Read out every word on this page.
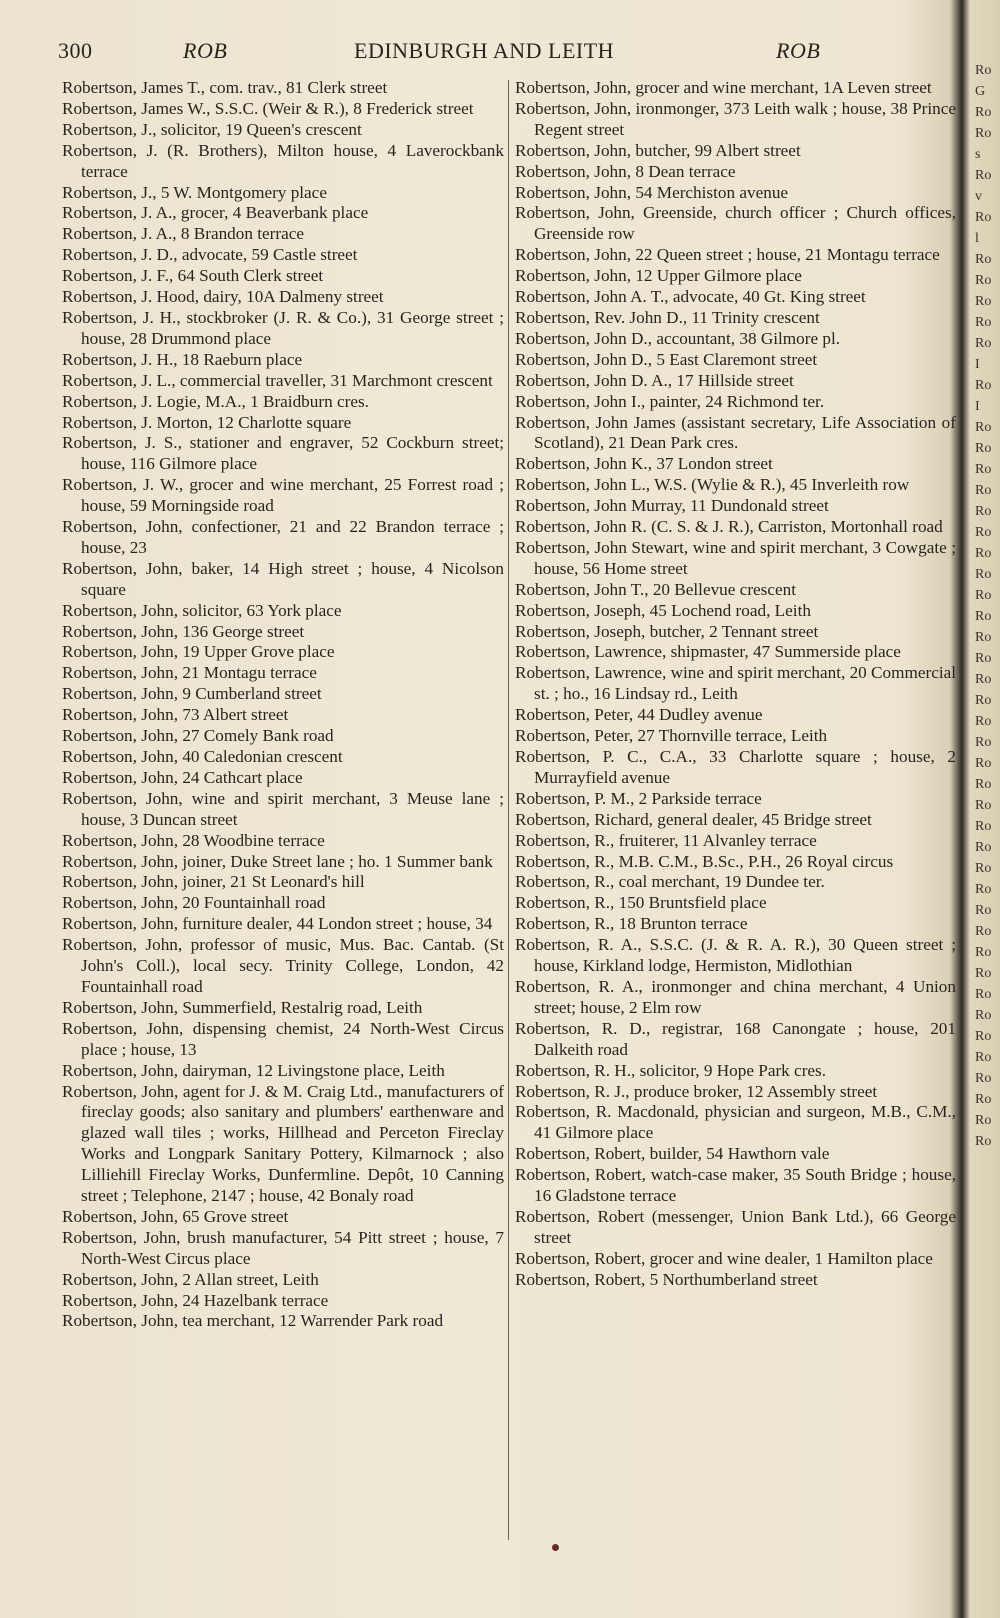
300	ROB	EDINBURGH AND LEITH	ROB

Robertson, James T., com. trav., 81 Clerk street

Robertson, James W., S.S.C. (Weir & R.), 8 Frederick street

Robertson, J., solicitor, 19 Queen's crescent

Robertson, J. (R. Brothers), Milton house, 4 Laverockbank terrace

Robertson, J., 5 W. Montgomery place

Robertson, J. A., grocer, 4 Beaverbank place

Robertson, J. A., 8 Brandon terrace

Robertson, J. D., advocate, 59 Castle street

Robertson, J. F., 64 South Clerk street

Robertson, J. Hood, dairy, 10A Dalmeny street

Robertson, J. H., stockbroker (J. R. & Co.), 31 George street ; house, 28 Drummond place

Robertson, J. H., 18 Raeburn place

Robertson, J. L., commercial traveller, 31 Marchmont crescent

Robertson, J. Logie, M.A., 1 Braidburn cres.

Robertson, J. Morton, 12 Charlotte square

Robertson, J. S., stationer and engraver, 52 Cockburn street; house, 116 Gilmore place

Robertson, J. W., grocer and wine merchant, 25 Forrest road ; house, 59 Morningside road

Robertson, John, confectioner, 21 and 22 Brandon terrace ; house, 23

Robertson, John, baker, 14 High street ; house, 4 Nicolson square

Robertson, John, solicitor, 63 York place

Robertson, John, 136 George street

Robertson, John, 19 Upper Grove place

Robertson, John, 21 Montagu terrace

Robertson, John, 9 Cumberland street

Robertson, John, 73 Albert street

Robertson, John, 27 Comely Bank road

Robertson, John, 40 Caledonian crescent

Robertson, John, 24 Cathcart place

Robertson, John, wine and spirit merchant, 3 Meuse lane ; house, 3 Duncan street

Robertson, John, 28 Woodbine terrace

Robertson, John, joiner, Duke Street lane ; ho. 1 Summer bank

Robertson, John, joiner, 21 St Leonard's hill

Robertson, John, 20 Fountainhall road

Robertson, John, furniture dealer, 44 London street ; house, 34

Robertson, John, professor of music, Mus. Bac. Cantab. (St John's Coll.), local secy. Trinity College, London, 42 Fountainhall road

Robertson, John, Summerfield, Restalrig road, Leith

Robertson, John, dispensing chemist, 24 North-West Circus place ; house, 13

Robertson, John, dairyman, 12 Livingstone place, Leith

Robertson, John, agent for J. & M. Craig Ltd., manufacturers of fireclay goods; also sanitary and plumbers' earthenware and glazed wall tiles ; works, Hillhead and Perceton Fireclay Works and Longpark Sanitary Pottery, Kilmarnock ; also Lilliehill Fireclay Works, Dunfermline. Depôt, 10 Canning street ; Telephone, 2147 ; house, 42 Bonaly road

Robertson, John, 65 Grove street

Robertson, John, brush manufacturer, 54 Pitt street ; house, 7 North-West Circus place

Robertson, John, 2 Allan street, Leith

Robertson, John, 24 Hazelbank terrace

Robertson, John, tea merchant, 12 Warrender Park road

Robertson, John, grocer and wine merchant, 1A Leven street

Robertson, John, ironmonger, 373 Leith walk ; house, 38 Prince Regent street

Robertson, John, butcher, 99 Albert street

Robertson, John, 8 Dean terrace

Robertson, John, 54 Merchiston avenue

Robertson, John, Greenside, church officer ; Church offices, Greenside row

Robertson, John, 22 Queen street ; house, 21 Montagu terrace

Robertson, John, 12 Upper Gilmore place

Robertson, John A. T., advocate, 40 Gt. King street

Robertson, Rev. John D., 11 Trinity crescent

Robertson, John D., accountant, 38 Gilmore pl.

Robertson, John D., 5 East Claremont street

Robertson, John D. A., 17 Hillside street

Robertson, John I., painter, 24 Richmond ter.

Robertson, John James (assistant secretary, Life Association of Scotland), 21 Dean Park cres.

Robertson, John K., 37 London street

Robertson, John L., W.S. (Wylie & R.), 45 Inverleith row

Robertson, John Murray, 11 Dundonald street

Robertson, John R. (C. S. & J. R.), Carriston, Mortonhall road

Robertson, John Stewart, wine and spirit merchant, 3 Cowgate ; house, 56 Home street

Robertson, John T., 20 Bellevue crescent

Robertson, Joseph, 45 Lochend road, Leith

Robertson, Joseph, butcher, 2 Tennant street

Robertson, Lawrence, shipmaster, 47 Summerside place

Robertson, Lawrence, wine and spirit merchant, 20 Commercial st. ; ho., 16 Lindsay rd., Leith

Robertson, Peter, 44 Dudley avenue

Robertson, Peter, 27 Thornville terrace, Leith

Robertson, P. C., C.A., 33 Charlotte square ; house, 2 Murrayfield avenue

Robertson, P. M., 2 Parkside terrace

Robertson, Richard, general dealer, 45 Bridge street

Robertson, R., fruiterer, 11 Alvanley terrace

Robertson, R., M.B. C.M., B.Sc., P.H., 26 Royal circus

Robertson, R., coal merchant, 19 Dundee ter.

Robertson, R., 150 Bruntsfield place

Robertson, R., 18 Brunton terrace

Robertson, R. A., S.S.C. (J. & R. A. R.), 30 Queen street ; house, Kirkland lodge, Hermiston, Midlothian

Robertson, R. A., ironmonger and china merchant, 4 Union street; house, 2 Elm row

Robertson, R. D., registrar, 168 Canongate ; house, 201 Dalkeith road

Robertson, R. H., solicitor, 9 Hope Park cres.

Robertson, R. J., produce broker, 12 Assembly street

Robertson, R. Macdonald, physician and surgeon, M.B., C.M., 41 Gilmore place

Robertson, Robert, builder, 54 Hawthorn vale

Robertson, Robert, watch-case maker, 35 South Bridge ; house, 16 Gladstone terrace

Robertson, Robert (messenger, Union Bank Ltd.), 66 George street

Robertson, Robert, grocer and wine dealer, 1 Hamilton place

Robertson, Robert, 5 Northumberland street

Ro
G
Ro
Ro
s
Ro
v
Ro
l
Ro
Ro
Ro
Ro
Ro
I
Ro
I
Ro
Ro
Ro
Ro
Ro
Ro
Ro
Ro
Ro
Ro
Ro
Ro
Ro
Ro
Ro
Ro
Ro
Ro
Ro
Ro
Ro
Ro
Ro
Ro
Ro
Ro
Ro
Ro
Ro
Ro
Ro
Ro
Ro
Ro
Ro
